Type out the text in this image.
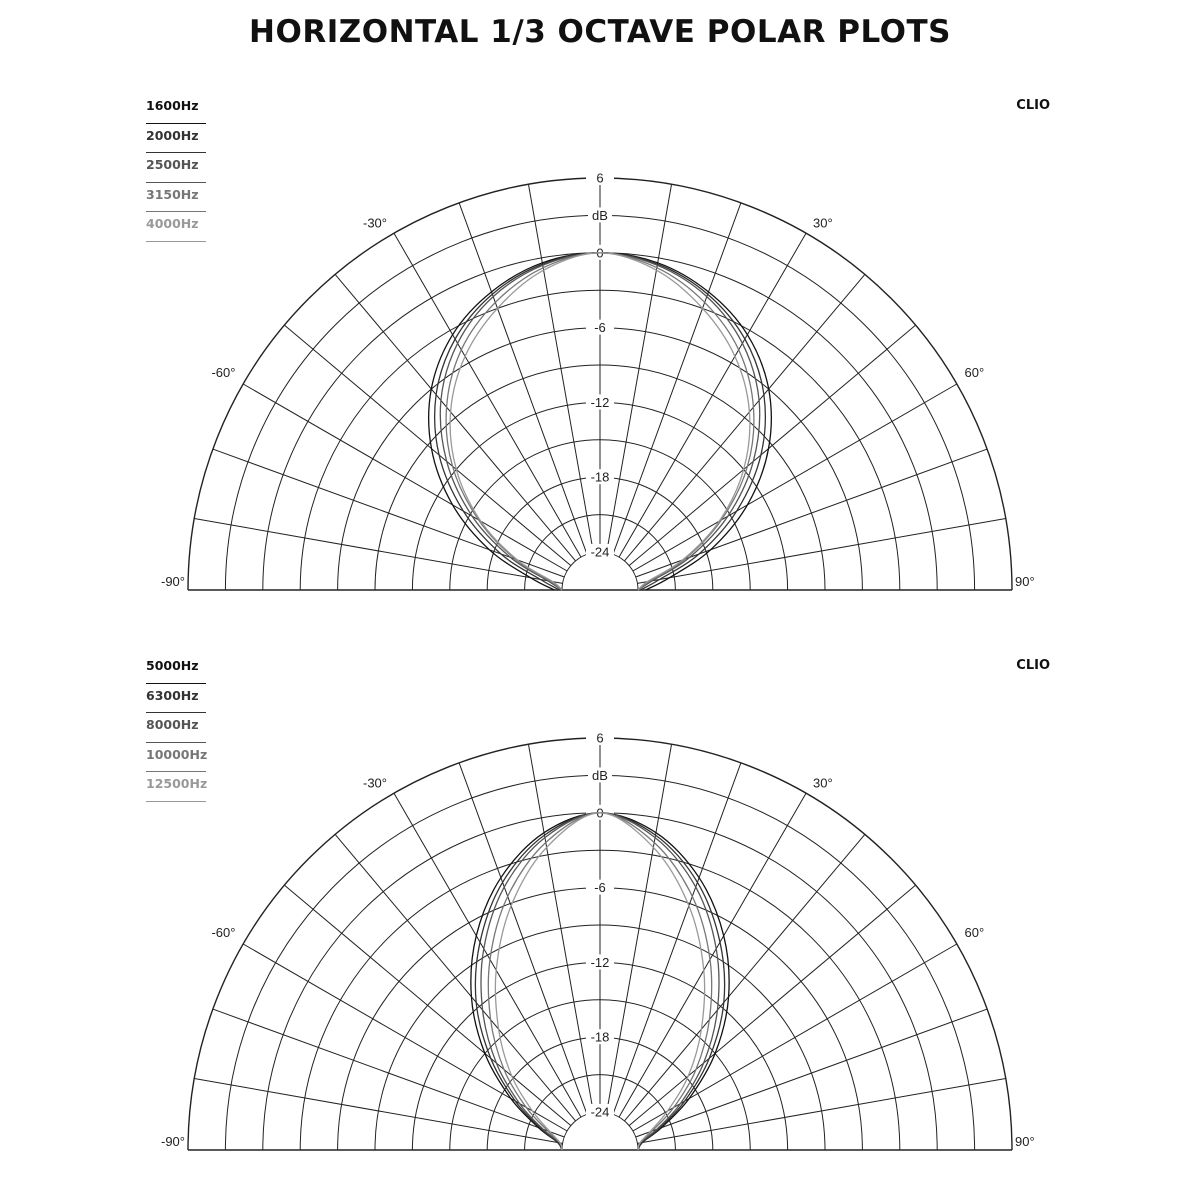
HORIZONTAL 1/3 OCTAVE POLAR PLOTS
6
0
-6
-12
-18
-24
dB
-90°
-60°
-30°	30°
60°
90°
1600Hz
2000Hz
2500Hz
3150Hz
4000Hz
CLIO
6
0
-6
-12
-18
-24
dB
-90°
-60°
-30°	30°
60°
90°
5000Hz
6300Hz
8000Hz
10000Hz
12500Hz
CLIO
